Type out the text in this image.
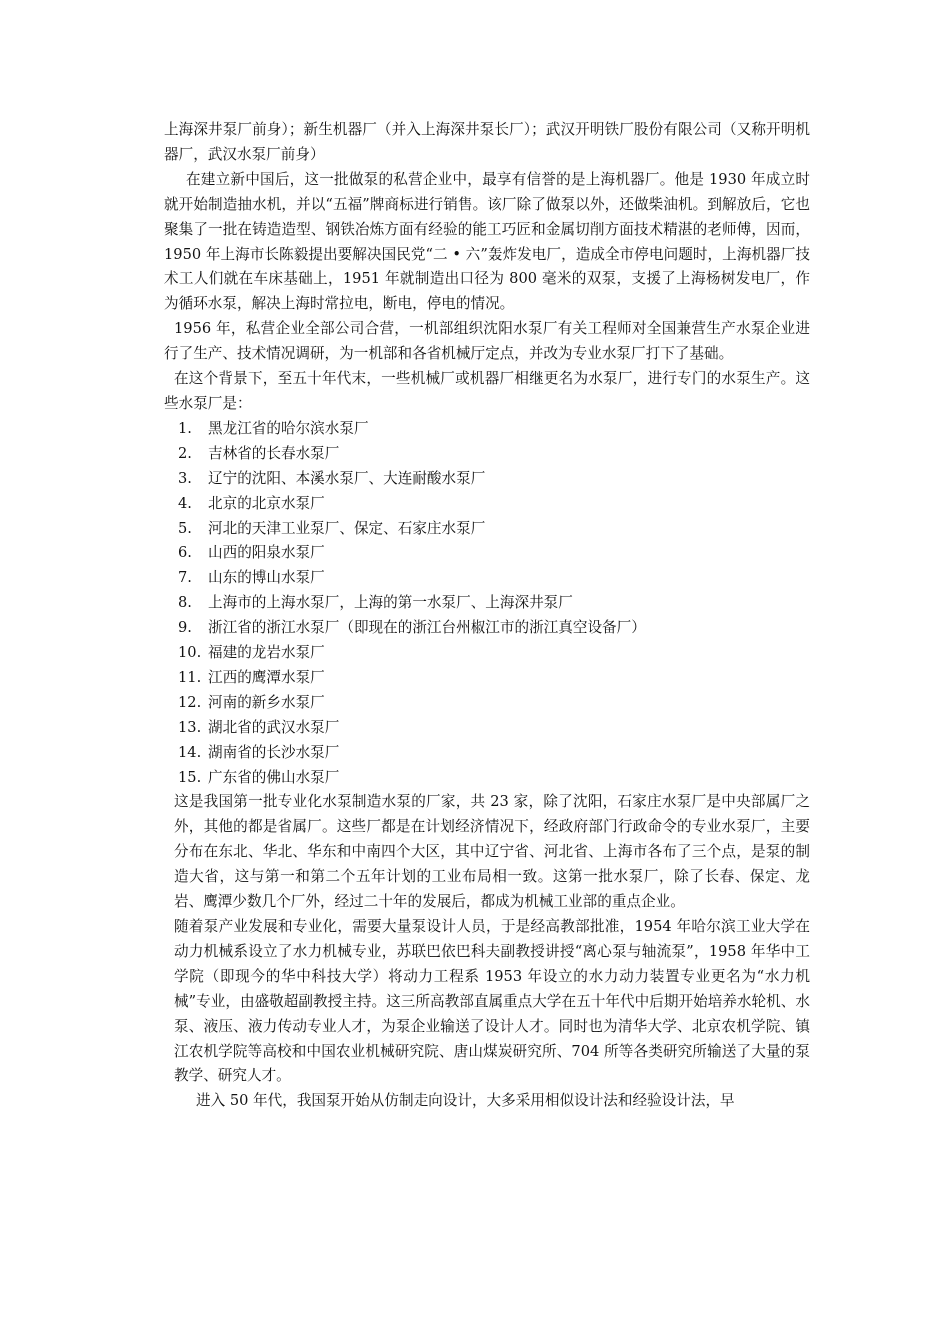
上海深井泵厂前身）；新生机器厂（并入上海深井泵长厂）；武汉开明铁厂股份有限公司（又称开明机器厂，武汉水泵厂前身）

在建立新中国后，这一批做泵的私营企业中，最享有信誉的是上海机器厂。他是 1930 年成立时就开始制造抽水机，并以“五福”牌商标进行销售。该厂除了做泵以外，还做柴油机。到解放后，它也聚集了一批在铸造造型、钢铁冶炼方面有经验的能工巧匠和金属切削方面技术精湛的老师傅，因而，1950 年上海市长陈毅提出要解决国民党“二 • 六”轰炸发电厂，造成全市停电问题时，上海机器厂技术工人们就在车床基础上，1951 年就制造出口径为 800 毫米的双泵，支援了上海杨树发电厂，作为循环水泵，解决上海时常拉电，断电，停电的情况。

1956 年，私营企业全部公司合营，一机部组织沈阳水泵厂有关工程师对全国兼营生产水泵企业进行了生产、技术情况调研，为一机部和各省机械厅定点，并改为专业水泵厂打下了基础。

在这个背景下，至五十年代末，一些机械厂或机器厂相继更名为水泵厂，进行专门的水泵生产。这些水泵厂是：

1. 黑龙江省的哈尔滨水泵厂
2. 吉林省的长春水泵厂
3. 辽宁的沈阳、本溪水泵厂、大连耐酸水泵厂
4. 北京的北京水泵厂
5. 河北的天津工业泵厂、保定、石家庄水泵厂
6. 山西的阳泉水泵厂
7. 山东的博山水泵厂
8. 上海市的上海水泵厂，上海的第一水泵厂、上海深井泵厂
9. 浙江省的浙江水泵厂（即现在的浙江台州椒江市的浙江真空设备厂）
10. 福建的龙岩水泵厂
11. 江西的鹰潭水泵厂
12. 河南的新乡水泵厂
13. 湖北省的武汉水泵厂
14. 湖南省的长沙水泵厂
15. 广东省的佛山水泵厂

这是我国第一批专业化水泵制造水泵的厂家，共 23 家，除了沈阳，石家庄水泵厂是中央部属厂之外，其他的都是省属厂。这些厂都是在计划经济情况下，经政府部门行政命令的专业水泵厂，主要分布在东北、华北、华东和中南四个大区，其中辽宁省、河北省、上海市各布了三个点，是泵的制造大省，这与第一和第二个五年计划的工业布局相一致。这第一批水泵厂，除了长春、保定、龙岩、鹰潭少数几个厂外，经过二十年的发展后，都成为机械工业部的重点企业。

随着泵产业发展和专业化，需要大量泵设计人员，于是经高教部批准，1954 年哈尔滨工业大学在动力机械系设立了水力机械专业，苏联巴依巴科夫副教授讲授“离心泵与轴流泵”，1958 年华中工学院（即现今的华中科技大学）将动力工程系 1953 年设立的水力动力装置专业更名为“水力机械”专业，由盛敬超副教授主持。这三所高教部直属重点大学在五十年代中后期开始培养水轮机、水泵、液压、液力传动专业人才，为泵企业输送了设计人才。同时也为清华大学、北京农机学院、镇江农机学院等高校和中国农业机械研究院、唐山煤炭研究所、704 所等各类研究所输送了大量的泵教学、研究人才。

进入 50 年代，我国泵开始从仿制走向设计，大多采用相似设计法和经验设计法，早
